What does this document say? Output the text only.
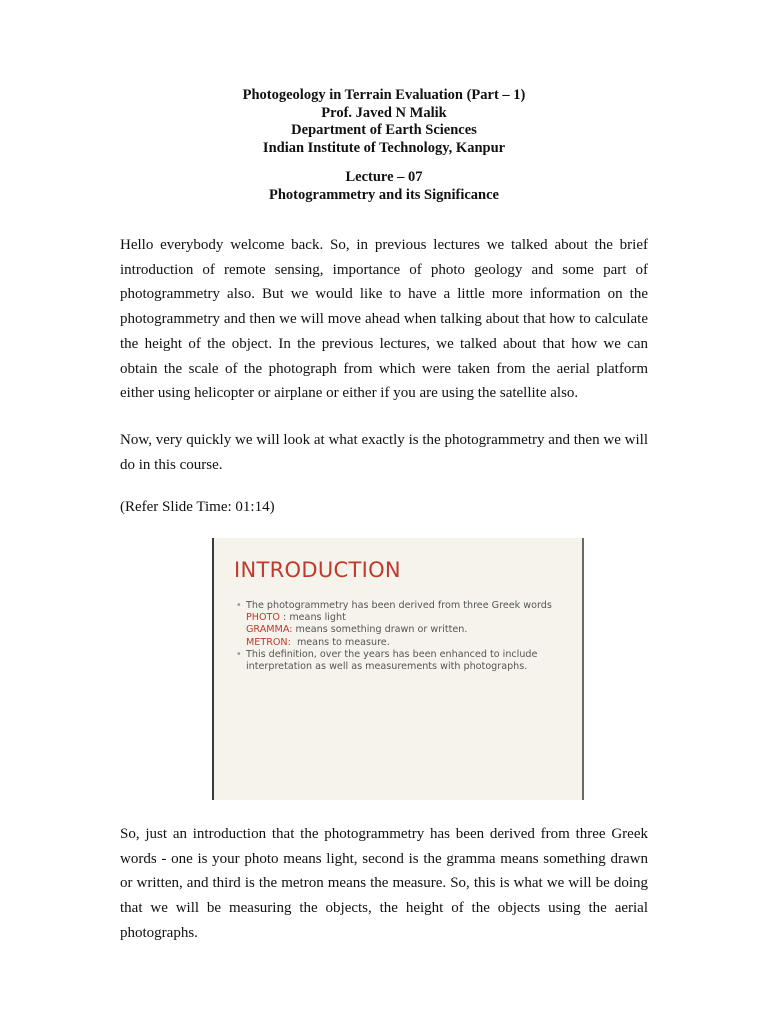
Photogeology in Terrain Evaluation (Part – 1)
Prof. Javed N Malik
Department of Earth Sciences
Indian Institute of Technology, Kanpur
Lecture – 07
Photogrammetry and its Significance

Hello everybody welcome back. So, in previous lectures we talked about the brief introduction of remote sensing, importance of photo geology and some part of photogrammetry also. But we would like to have a little more information on the photogrammetry and then we will move ahead when talking about that how to calculate the height of the object. In the previous lectures, we talked about that how we can obtain the scale of the photograph from which were taken from the aerial platform either using helicopter or airplane or either if you are using the satellite also.

Now, very quickly we will look at what exactly is the photogrammetry and then we will do in this course.

(Refer Slide Time: 01:14)

INTRODUCTION
• The photogrammetry has been derived from three Greek words
PHOTO : means light
GRAMMA: means something drawn or written.
METRON: means to measure.
• This definition, over the years has been enhanced to include interpretation as well as measurements with photographs.

So, just an introduction that the photogrammetry has been derived from three Greek words - one is your photo means light, second is the gramma means something drawn or written, and third is the metron means the measure. So, this is what we will be doing that we will be measuring the objects, the height of the objects using the aerial photographs.
